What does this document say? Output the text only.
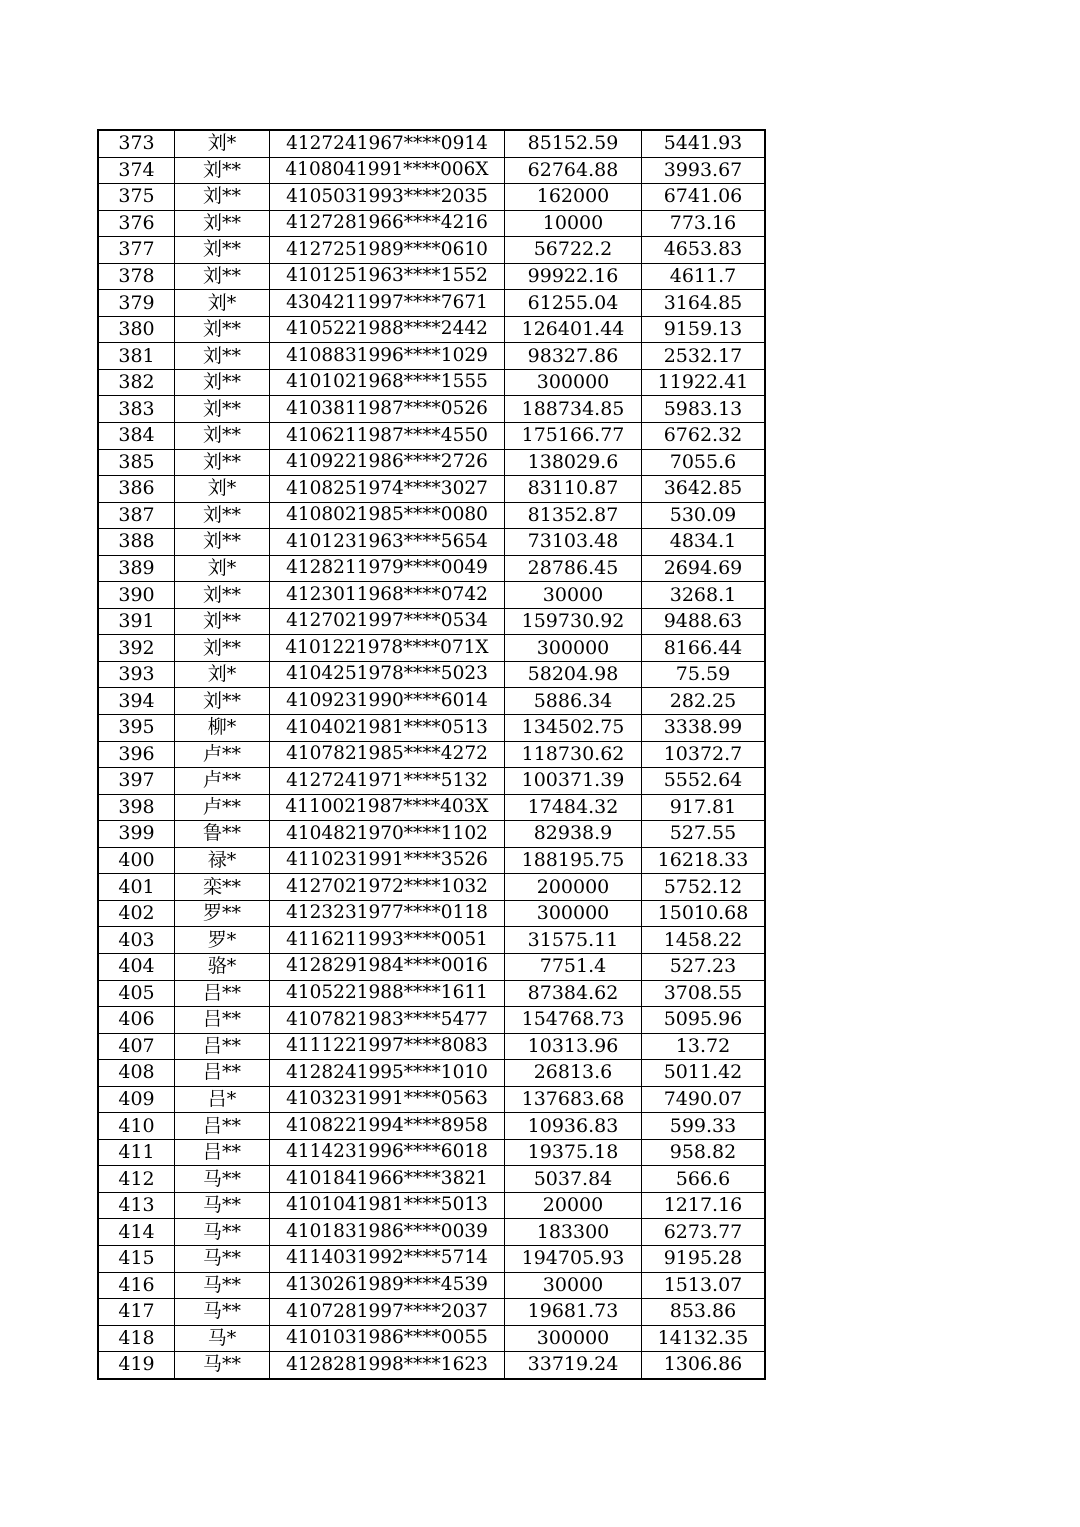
373	刘*	4127241967****0914	85152.59	5441.93
374	刘**	4108041991****006X	62764.88	3993.67
375	刘**	4105031993****2035	162000	6741.06
376	刘**	4127281966****4216	10000	773.16
377	刘**	4127251989****0610	56722.2	4653.83
378	刘**	4101251963****1552	99922.16	4611.7
379	刘*	4304211997****7671	61255.04	3164.85
380	刘**	4105221988****2442	126401.44	9159.13
381	刘**	4108831996****1029	98327.86	2532.17
382	刘**	4101021968****1555	300000	11922.41
383	刘**	4103811987****0526	188734.85	5983.13
384	刘**	4106211987****4550	175166.77	6762.32
385	刘**	4109221986****2726	138029.6	7055.6
386	刘*	4108251974****3027	83110.87	3642.85
387	刘**	4108021985****0080	81352.87	530.09
388	刘**	4101231963****5654	73103.48	4834.1
389	刘*	4128211979****0049	28786.45	2694.69
390	刘**	4123011968****0742	30000	3268.1
391	刘**	4127021997****0534	159730.92	9488.63
392	刘**	4101221978****071X	300000	8166.44
393	刘*	4104251978****5023	58204.98	75.59
394	刘**	4109231990****6014	5886.34	282.25
395	柳*	4104021981****0513	134502.75	3338.99
396	卢**	4107821985****4272	118730.62	10372.7
397	卢**	4127241971****5132	100371.39	5552.64
398	卢**	4110021987****403X	17484.32	917.81
399	鲁**	4104821970****1102	82938.9	527.55
400	禄*	4110231991****3526	188195.75	16218.33
401	栾**	4127021972****1032	200000	5752.12
402	罗**	4123231977****0118	300000	15010.68
403	罗*	4116211993****0051	31575.11	1458.22
404	骆*	4128291984****0016	7751.4	527.23
405	吕**	4105221988****1611	87384.62	3708.55
406	吕**	4107821983****5477	154768.73	5095.96
407	吕**	4111221997****8083	10313.96	13.72
408	吕**	4128241995****1010	26813.6	5011.42
409	吕*	4103231991****0563	137683.68	7490.07
410	吕**	4108221994****8958	10936.83	599.33
411	吕**	4114231996****6018	19375.18	958.82
412	马**	4101841966****3821	5037.84	566.6
413	马**	4101041981****5013	20000	1217.16
414	马**	4101831986****0039	183300	6273.77
415	马**	4114031992****5714	194705.93	9195.28
416	马**	4130261989****4539	30000	1513.07
417	马**	4107281997****2037	19681.73	853.86
418	马*	4101031986****0055	300000	14132.35
419	马**	4128281998****1623	33719.24	1306.86
